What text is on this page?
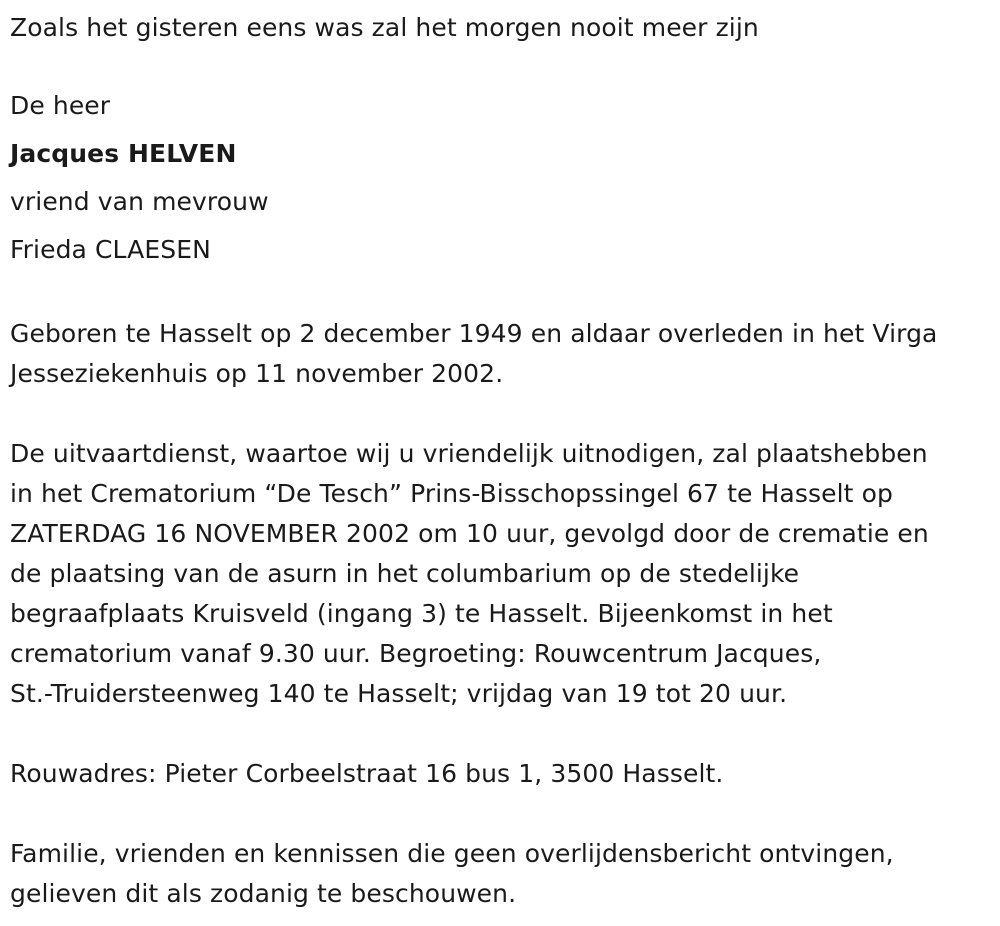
Zoals het gisteren eens was zal het morgen nooit meer zijn
De heer
Jacques HELVEN
vriend van mevrouw
Frieda CLAESEN
Geboren te Hasselt op 2 december 1949 en aldaar overleden in het Virga
Jesseziekenhuis op 11 november 2002.
De uitvaartdienst, waartoe wij u vriendelijk uitnodigen, zal plaatshebben
in het Crematorium “De Tesch” Prins-Bisschopssingel 67 te Hasselt op
ZATERDAG 16 NOVEMBER 2002 om 10 uur, gevolgd door de crematie en
de plaatsing van de asurn in het columbarium op de stedelijke
begraafplaats Kruisveld (ingang 3) te Hasselt. Bijeenkomst in het
crematorium vanaf 9.30 uur. Begroeting: Rouwcentrum Jacques,
St.-Truidersteenweg 140 te Hasselt; vrijdag van 19 tot 20 uur.
Rouwadres: Pieter Corbeelstraat 16 bus 1, 3500 Hasselt.
Familie, vrienden en kennissen die geen overlijdensbericht ontvingen,
gelieven dit als zodanig te beschouwen.
